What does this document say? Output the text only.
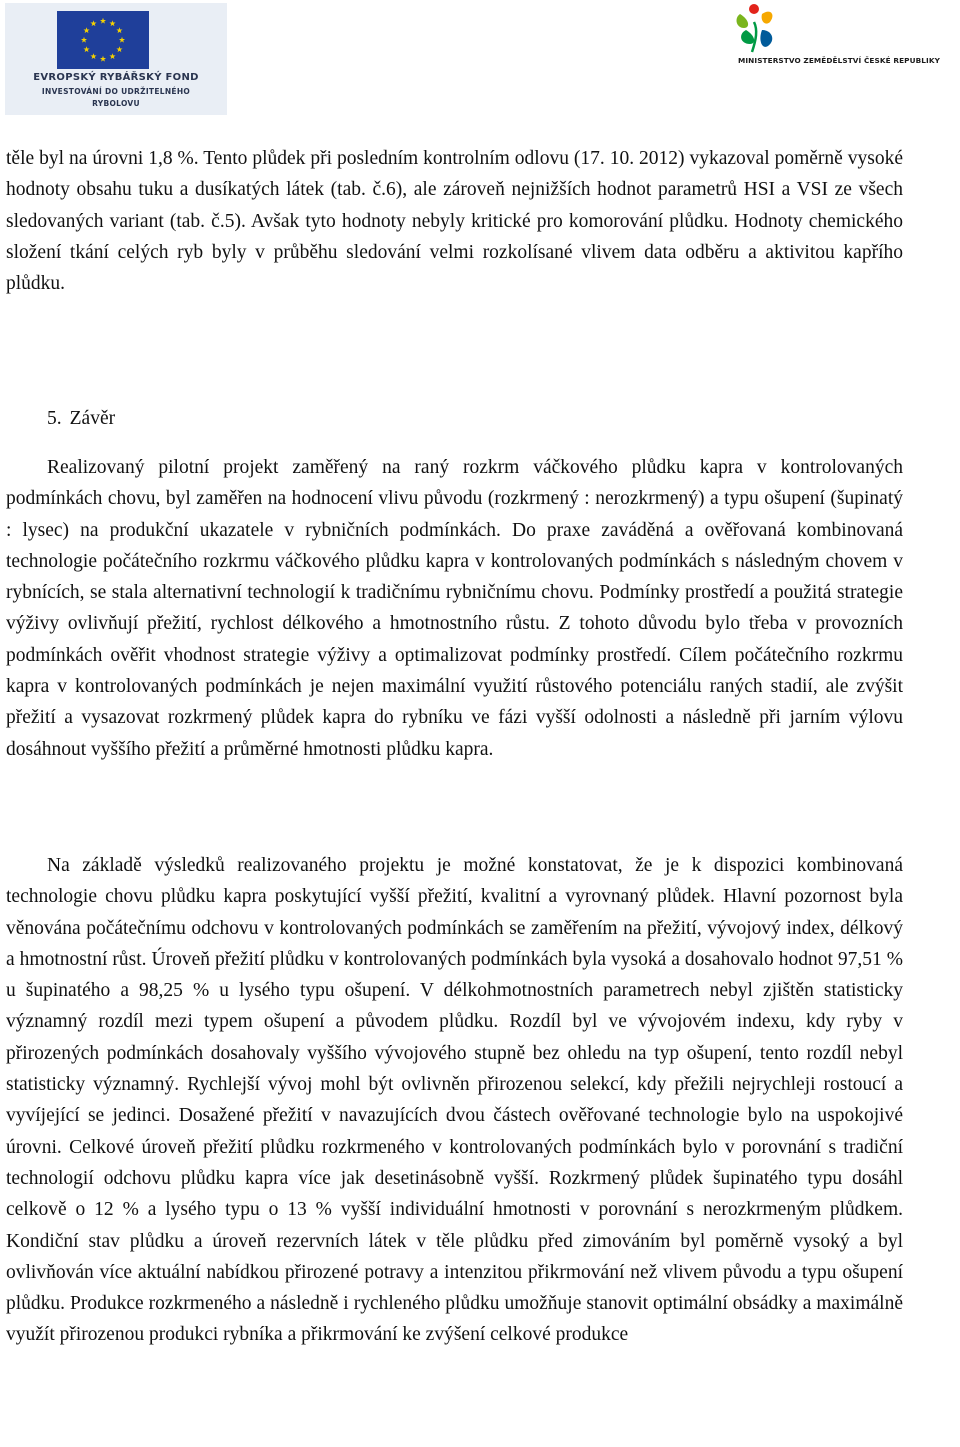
EVROPSKÝ RYBÁŘSKÝ FOND
INVESTOVÁNÍ DO UDRŽITELNÉHO
RYBOLOVU
MINISTERSTVO ZEMĚDĚLSTVÍ ČESKÉ REPUBLIKY

těle byl na úrovni 1,8 %. Tento plůdek při posledním kontrolním odlovu (17. 10. 2012) vykazoval poměrně vysoké hodnoty obsahu tuku a dusíkatých látek (tab. č.6), ale zároveň nejnižších hodnot parametrů HSI a VSI ze všech sledovaných variant (tab. č.5). Avšak tyto hodnoty nebyly kritické pro komorování plůdku. Hodnoty chemického složení tkání celých ryb byly v průběhu sledování velmi rozkolísané vlivem data odběru a aktivitou kapřího plůdku.

5. Závěr

Realizovaný pilotní projekt zaměřený na raný rozkrm váčkového plůdku kapra v kontrolovaných podmínkách chovu, byl zaměřen na hodnocení vlivu původu (rozkrmený : nerozkrmený) a typu ošupení (šupinatý : lysec) na produkční ukazatele v rybničních podmínkách. Do praxe zaváděná a ověřovaná kombinovaná technologie počátečního rozkrmu váčkového plůdku kapra v kontrolovaných podmínkách s následným chovem v rybnících, se stala alternativní technologií k tradičnímu rybničnímu chovu. Podmínky prostředí a použitá strategie výživy ovlivňují přežití, rychlost délkového a hmotnostního růstu. Z tohoto důvodu bylo třeba v provozních podmínkách ověřit vhodnost strategie výživy a optimalizovat podmínky prostředí. Cílem počátečního rozkrmu kapra v kontrolovaných podmínkách je nejen maximální využití růstového potenciálu raných stadií, ale zvýšit přežití a vysazovat rozkrmený plůdek kapra do rybníku ve fázi vyšší odolnosti a následně při jarním výlovu dosáhnout vyššího přežití a průměrné hmotnosti plůdku kapra.

Na základě výsledků realizovaného projektu je možné konstatovat, že je k dispozici kombinovaná technologie chovu plůdku kapra poskytující vyšší přežití, kvalitní a vyrovnaný plůdek. Hlavní pozornost byla věnována počátečnímu odchovu v kontrolovaných podmínkách se zaměřením na přežití, vývojový index, délkový a hmotnostní růst. Úroveň přežití plůdku v kontrolovaných podmínkách byla vysoká a dosahovalo hodnot 97,51 % u šupinatého a 98,25 % u lysého typu ošupení. V délkohmotnostních parametrech nebyl zjištěn statisticky významný rozdíl mezi typem ošupení a původem plůdku. Rozdíl byl ve vývojovém indexu, kdy ryby v přirozených podmínkách dosahovaly vyššího vývojového stupně bez ohledu na typ ošupení, tento rozdíl nebyl statisticky významný. Rychlejší vývoj mohl být ovlivněn přirozenou selekcí, kdy přežili nejrychleji rostoucí a vyvíjející se jedinci. Dosažené přežití v navazujících dvou částech ověřované technologie bylo na uspokojivé úrovni. Celkové úroveň přežití plůdku rozkrmeného v kontrolovaných podmínkách bylo v porovnání s tradiční technologií odchovu plůdku kapra více jak desetinásobně vyšší. Rozkrmený plůdek šupinatého typu dosáhl celkově o 12 % a lysého typu o 13 % vyšší individuální hmotnosti v porovnání s nerozkrmeným plůdkem. Kondiční stav plůdku a úroveň rezervních látek v těle plůdku před zimováním byl poměrně vysoký a byl ovlivňován více aktuální nabídkou přirozené potravy a intenzitou přikrmování než vlivem původu a typu ošupení plůdku. Produkce rozkrmeného a následně i rychleného plůdku umožňuje stanovit optimální obsádky a maximálně využít přirozenou produkci rybníka a přikrmování ke zvýšení celkové produkce
